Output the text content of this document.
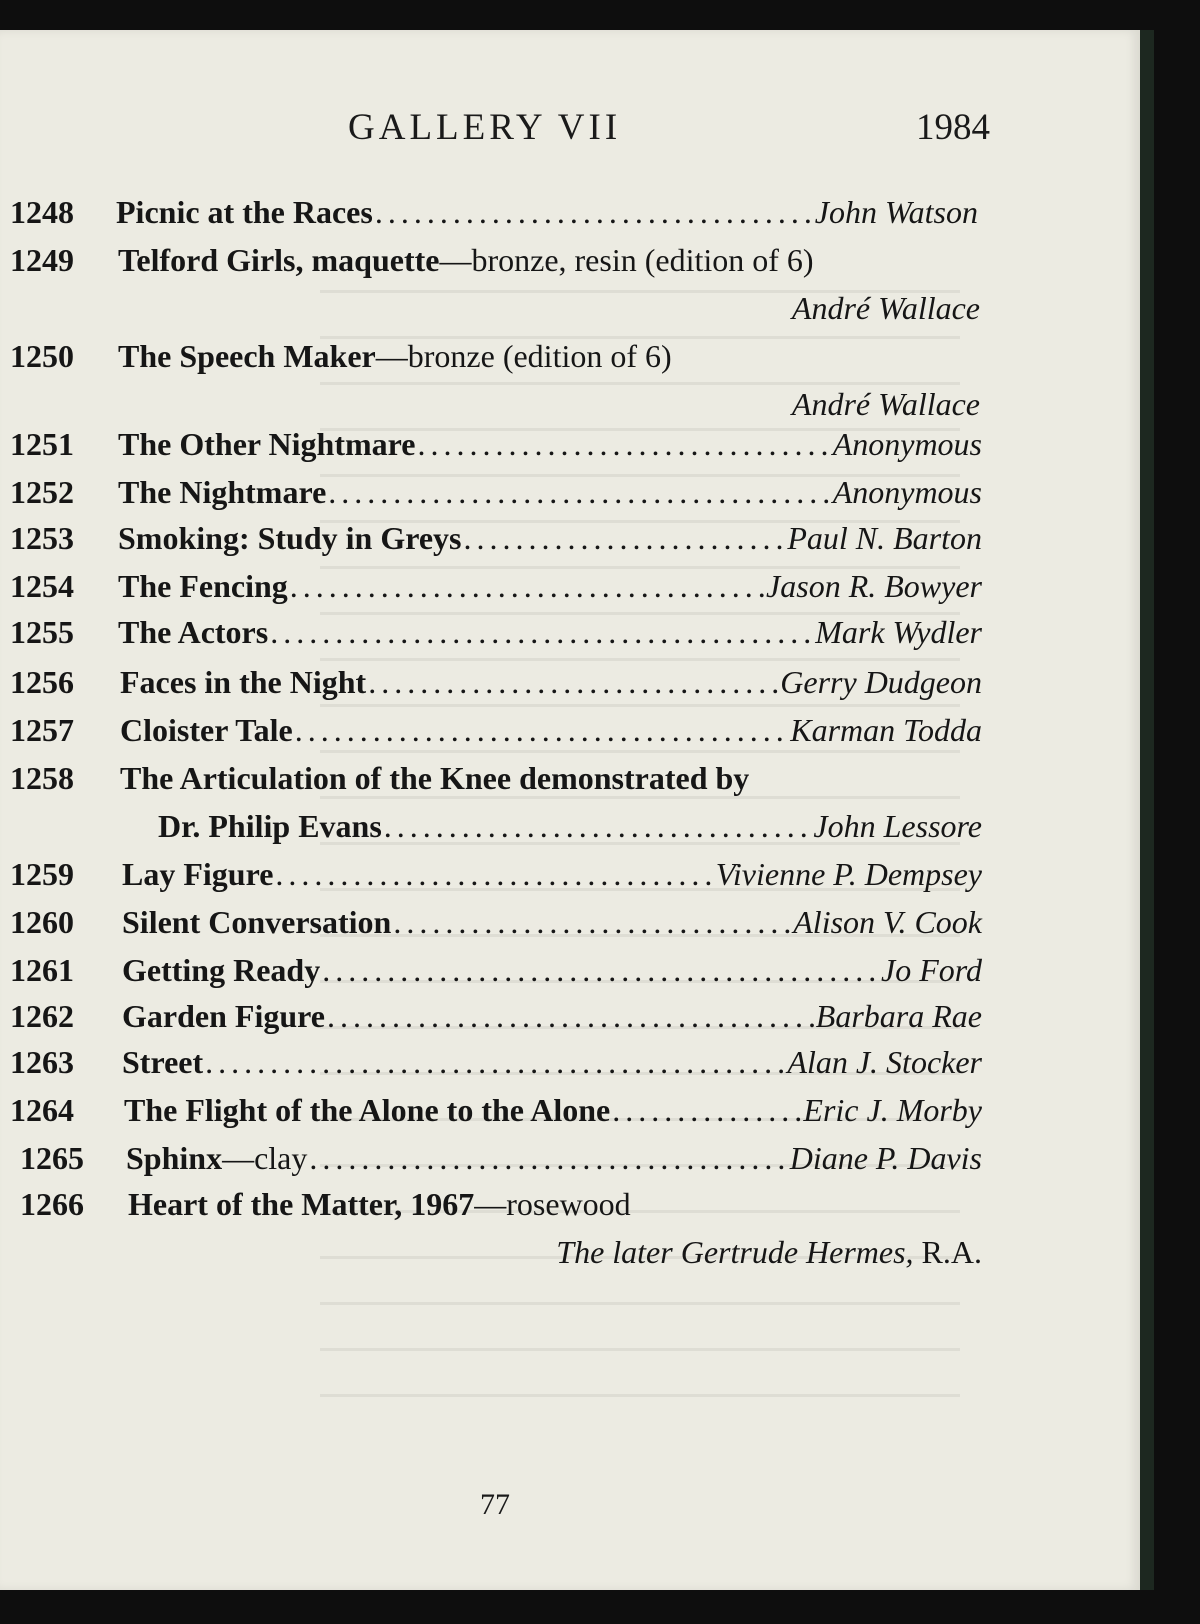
GALLERY VII	1984
1248 Picnic at the Races .....	John Watson
1249 Telford Girls, maquette —bronze, resin (edition of 6)
André Wallace
1250 The Speech Maker —bronze (edition of 6)
André Wallace
1251 The Other Nightmare .....	Anonymous
1252 The Nightmare .....	Anonymous
1253 Smoking: Study in Greys .....	Paul N. Barton
1254 The Fencing .....	Jason R. Bowyer
1255 The Actors .....	Mark Wydler
1256 Faces in the Night .....	Gerry Dudgeon
1257 Cloister Tale .....	Karman Todda
1258 The Articulation of the Knee demonstrated by
Dr. Philip Evans .....	John Lessore
1259 Lay Figure .....	Vivienne P. Dempsey
1260 Silent Conversation .....	Alison V. Cook
1261 Getting Ready .....	Jo Ford
1262 Garden Figure .....	Barbara Rae
1263 Street .....	Alan J. Stocker
1264 The Flight of the Alone to the Alone .....	Eric J. Morby
1265 Sphinx —clay .....	Diane P. Davis
1266 Heart of the Matter, 1967 —rosewood
The later Gertrude Hermes, R.A.
77
